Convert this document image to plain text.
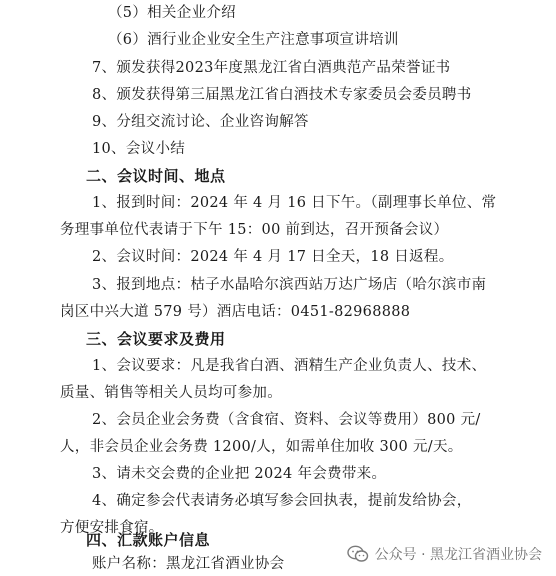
（5）相关企业介绍
（6）酒行业企业安全生产注意事项宣讲培训
7、颁发获得2023年度黑龙江省白酒典范产品荣誉证书
8、颁发获得第三届黑龙江省白酒技术专家委员会委员聘书
9、分组交流讨论、企业咨询解答
10、会议小结
二、会议时间、地点
1、报到时间：2024 年 4 月 16 日下午。（副理事长单位、常
务理事单位代表请于下午 15：00 前到达，召开预备会议）
2、会议时间：2024 年 4 月 17 日全天，18 日返程。
3、报到地点：枯子水晶哈尔滨西站万达广场店（哈尔滨市南
岗区中兴大道 579 号）酒店电话：0451-82968888
三、会议要求及费用
1、会议要求：凡是我省白酒、酒精生产企业负责人、技术、
质量、销售等相关人员均可参加。
2、会员企业会务费（含食宿、资料、会议等费用）800 元/
人，非会员企业会务费 1200/人，如需单住加收 300 元/天。
3、请未交会费的企业把 2024 年会费带来。
4、确定参会代表请务必填写参会回执表，提前发给协会，
方便安排食宿。
四、汇款账户信息
账户名称：黑龙江省酒业协会
公众号 · 黑龙江省酒业协会
